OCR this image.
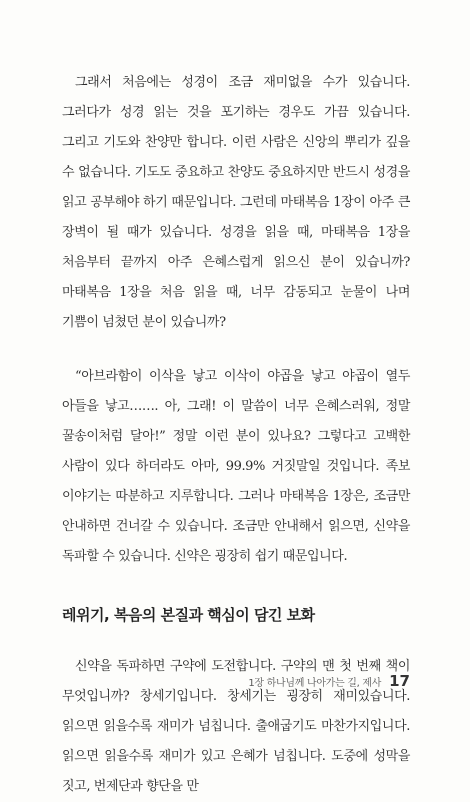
그래서 처음에는 성경이 조금 재미없을 수가 있습니다. 그러다가 성경 읽는 것을 포기하는 경우도 가끔 있습니다. 그리고 기도와 찬양만 합니다. 이런 사람은 신앙의 뿌리가 깊을 수 없습니다. 기도도 중요하고 찬양도 중요하지만 반드시 성경을 읽고 공부해야 하기 때문입니다. 그런데 마태복음 1장이 아주 큰 장벽이 될 때가 있습니다. 성경을 읽을 때, 마태복음 1장을 처음부터 끝까지 아주 은혜스럽게 읽으신 분이 있습니까? 마태복음 1장을 처음 읽을 때, 너무 감동되고 눈물이 나며 기쁨이 넘쳤던 분이 있습니까?

“아브라함이 이삭을 낳고 이삭이 야곱을 낳고 야곱이 열두 아들을 낳고……. 아, 그래! 이 말씀이 너무 은혜스러워, 정말 꿀송이처럼 달아!” 정말 이런 분이 있나요? 그렇다고 고백한 사람이 있다 하더라도 아마, 99.9% 거짓말일 것입니다. 족보 이야기는 따분하고 지루합니다. 그러나 마태복음 1장은, 조금만 안내하면 건너갈 수 있습니다. 조금만 안내해서 읽으면, 신약을 독파할 수 있습니다. 신약은 굉장히 쉽기 때문입니다.

레위기, 복음의 본질과 핵심이 담긴 보화

신약을 독파하면 구약에 도전합니다. 구약의 맨 첫 번째 책이 무엇입니까? 창세기입니다. 창세기는 굉장히 재미있습니다. 읽으면 읽을수록 재미가 넘칩니다. 출애굽기도 마찬가지입니다. 읽으면 읽을수록 재미가 있고 은혜가 넘칩니다. 도중에 성막을 짓고, 번제단과 향단을 만

1장 하나님께 나아가는 길, 제사 17
